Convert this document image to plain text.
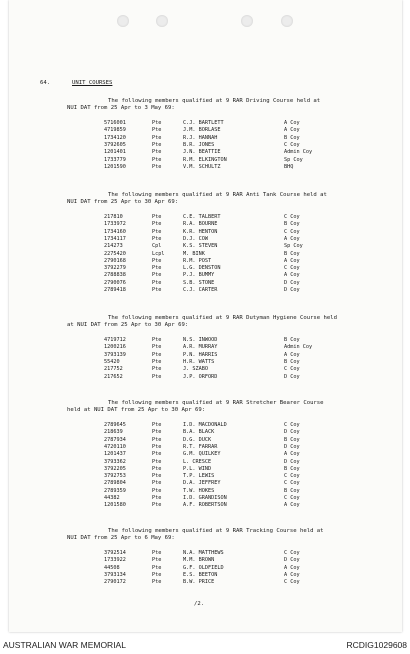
64.	UNIT COURSES
The following members qualified at 9 RAR Driving Course held at
NUI DAT from 25 Apr to 3 May 69:
5716001	Pte	C.J. BARTLETT	A Coy
4719859	Pte	J.M. BORLASE	A Coy
1734120	Pte	R.J. HANNAH	B Coy
3792605	Pte	B.R. JONES	C Coy
1201401	Pte	J.N. BEATTIE	Admin Coy
1733779	Pte	R.M. ELKINGTON	Sp Coy
1201590	Pte	V.M. SCHULTZ	BHQ
The following members qualified at 9 RAR Anti Tank Course held at
NUI DAT from 25 Apr to 30 Apr 69:
217810	Pte	C.E. TALBERT	C Coy
1733972	Pte	R.A. BOURNE	B Coy
1734160	Pte	K.R. HENTON	C Coy
1734117	Pte	D.J. COW	A Coy
214273	Cpl	K.S. STEVEN	Sp Coy
2275420	Lcpl	M. BINK	B Coy
2790168	Pte	R.M. POST	A Coy
3792279	Pte	L.G. DENSTON	C Coy
2788838	Pte	P.J. BUMMY	A Coy
2790076	Pte	S.B. STONE	D Coy
2789418	Pte	C.J. CARTER	D Coy
The following members qualified at 9 RAR Dutyman Hygiene Course held
at NUI DAT from 25 Apr to 30 Apr 69:
4719712	Pte	N.S. INWOOD	B Coy
1200216	Pte	A.R. MURRAY	Admin Coy
3793139	Pte	P.N. HARRIS	A Coy
55420	Pte	H.R. WATTS	B Coy
217752	Pte	J. SZABO	C Coy
217652	Pte	J.P. ORFORD	D Coy
The following members qualified at 9 RAR Stretcher Bearer Course
held at NUI DAT from 25 Apr to 30 Apr 69:
2789645	Pte	I.D. MACDONALD	C Coy
218639	Pte	B.A. BLACK	D Coy
2787934	Pte	D.G. DUCK	B Coy
4720110	Pte	R.T. FARRAR	D Coy
1201437	Pte	G.M. QUILKEY	A Coy
3793362	Pte	L. CRESCE	D Coy
3792205	Pte	P.L. WIND	B Coy
3792753	Pte	T.P. LEWIS	C Coy
2789804	Pte	D.A. JEFFREY	C Coy
2789359	Pte	T.W. HOKES	B Coy
44382	Pte	I.D. GRANDISON	C Coy
1201580	Pte	A.F. ROBERTSON	A Coy
The following members qualified at 9 RAR Tracking Course held at
NUI DAT from 25 Apr to 6 May 69:
3792514	Pte	N.A. MATTHEWS	C Coy
1733922	Pte	M.M. BROWN	D Coy
44508	Pte	G.F. OLDFIELD	A Coy
3793134	Pte	E.S. BEETON	A Coy
2790172	Pte	B.W. PRICE	C Coy
/2.
AUSTRALIAN WAR MEMORIAL	RCDIG1029608
